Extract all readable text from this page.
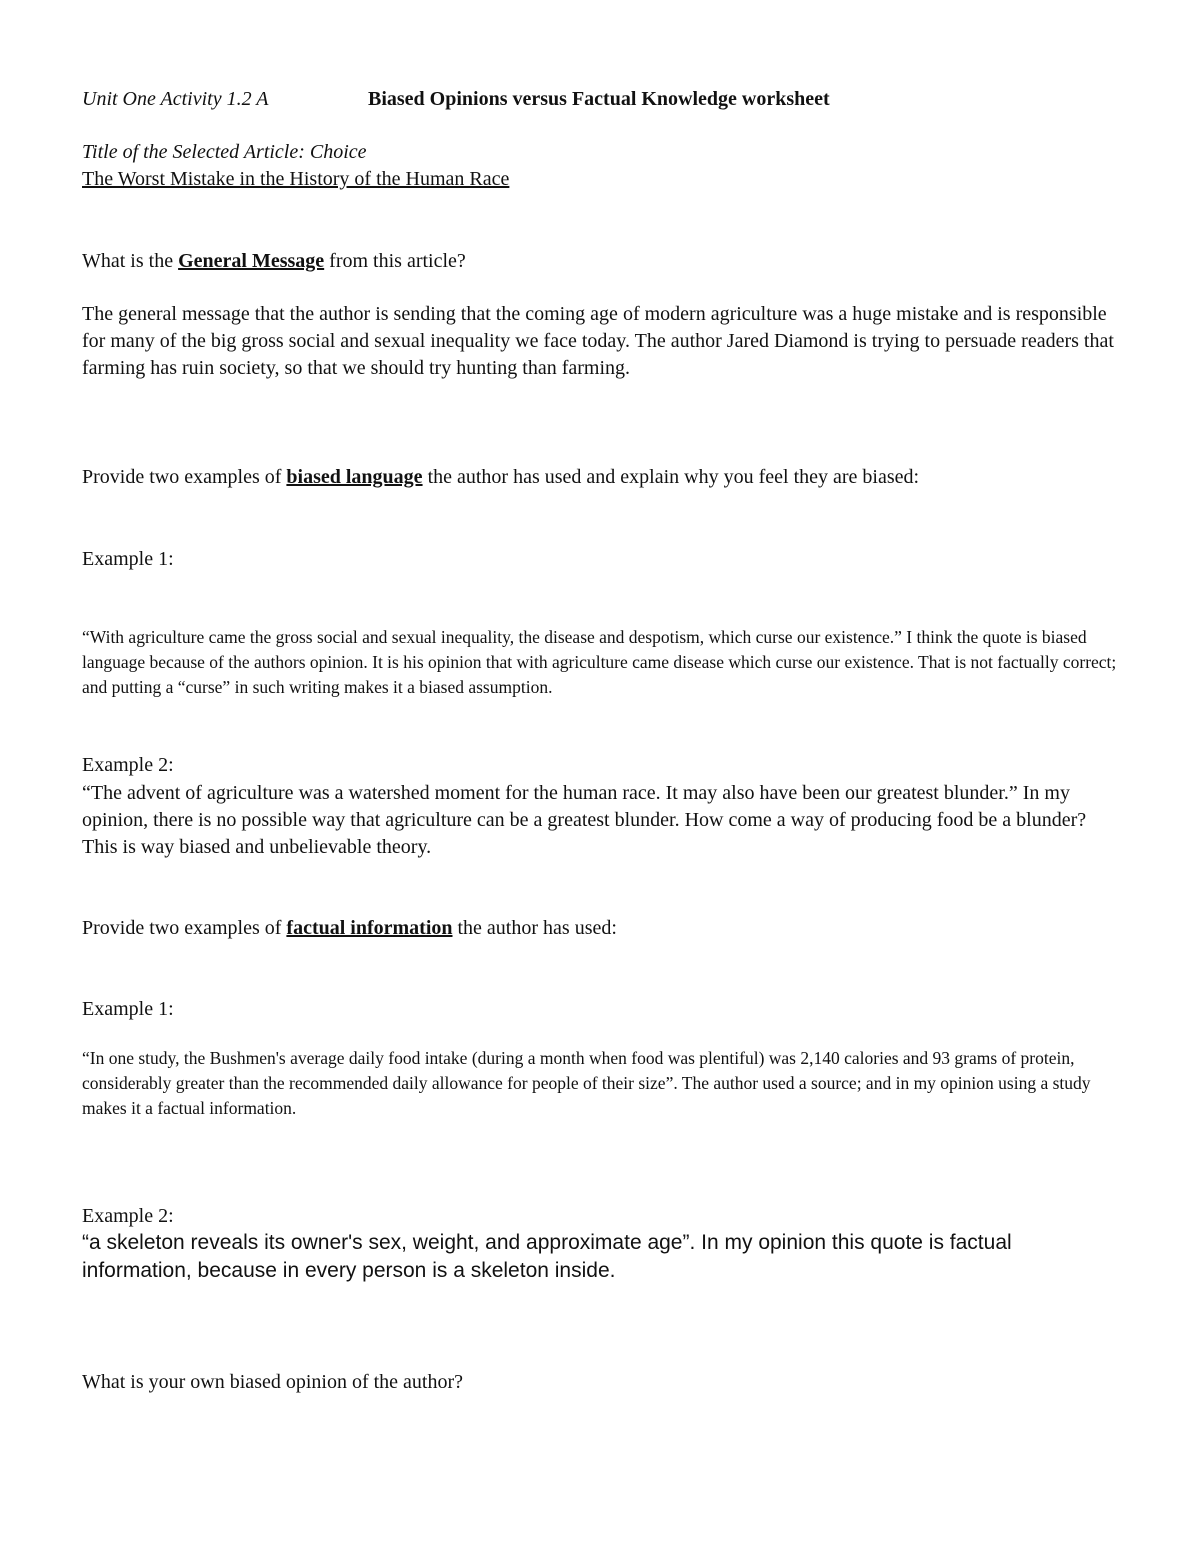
Unit One Activity 1.2 A	Biased Opinions versus Factual Knowledge worksheet

Title of the Selected Article: Choice

The Worst Mistake in the History of the Human Race

What is the General Message from this article?

The general message that the author is sending that the coming age of modern agriculture was a huge mistake and is responsible for many of the big gross social and sexual inequality we face today. The author Jared Diamond is trying to persuade readers that farming has ruin society, so that we should try hunting than farming.

Provide two examples of biased language the author has used and explain why you feel they are biased:

Example 1:

“With agriculture came the gross social and sexual inequality, the disease and despotism, which curse our existence.” I think the quote is biased language because of the authors opinion. It is his opinion that with agriculture came disease which curse our existence. That is not factually correct; and putting a “curse” in such writing makes it a biased assumption.

Example 2:

“The advent of agriculture was a watershed moment for the human race. It may also have been our greatest blunder.” In my opinion, there is no possible way that agriculture can be a greatest blunder. How come a way of producing food be a blunder? This is way biased and unbelievable theory.

Provide two examples of factual information the author has used:

Example 1:

“In one study, the Bushmen's average daily food intake (during a month when food was plentiful) was 2,140 calories and 93 grams of protein, considerably greater than the recommended daily allowance for people of their size”. The author used a source; and in my opinion using a study makes it a factual information.

Example 2:

“a skeleton reveals its owner's sex, weight, and approximate age”. In my opinion this quote is factual information, because in every person is a skeleton inside.

What is your own biased opinion of the author?
